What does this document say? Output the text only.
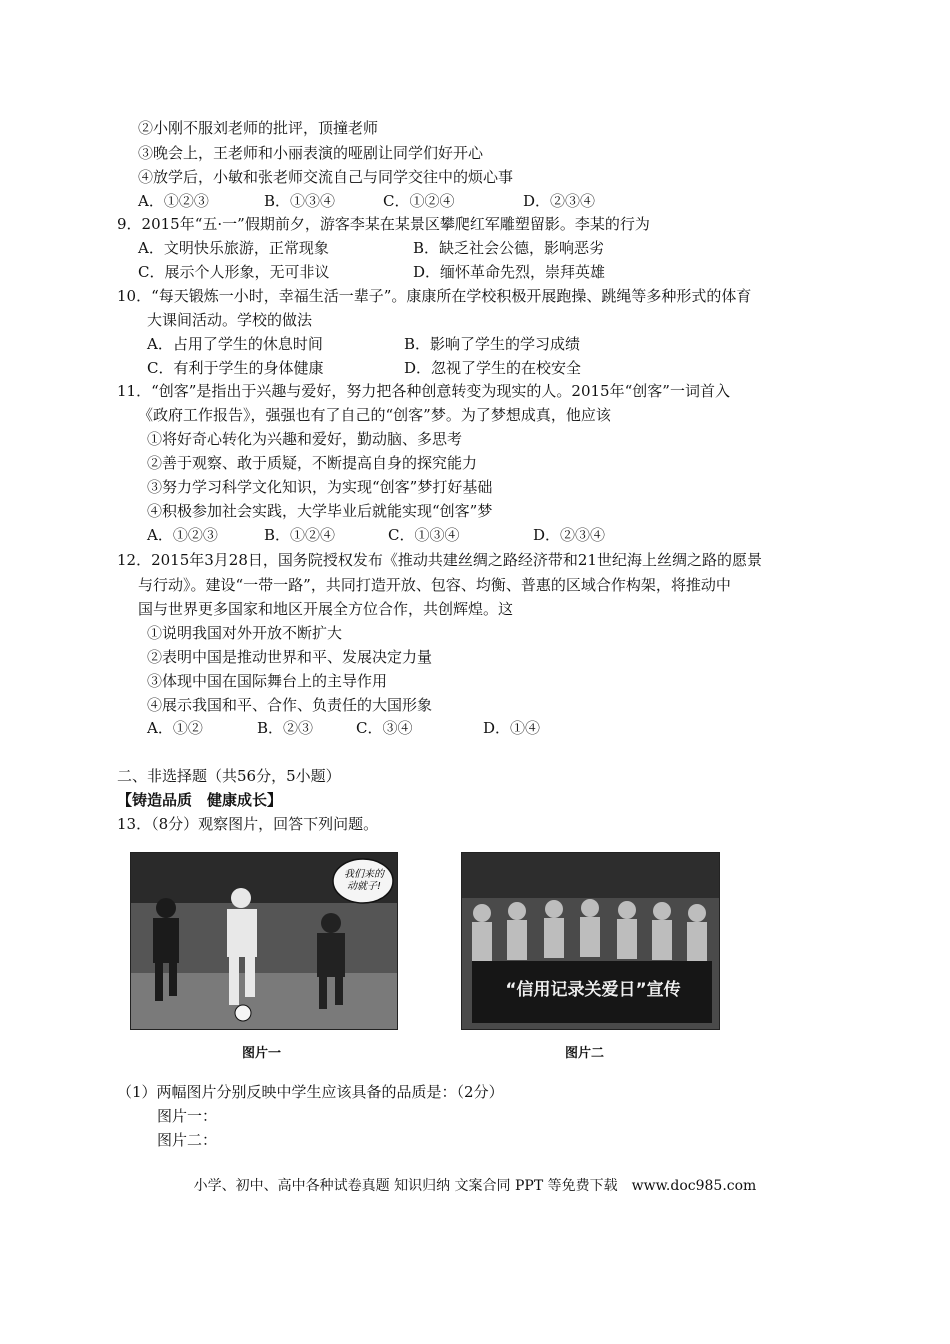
②小刚不服刘老师的批评，顶撞老师
③晚会上，王老师和小丽表演的哑剧让同学们好开心
④放学后，小敏和张老师交流自己与同学交往中的烦心事
A．①②③	B．①③④	C．①②④	D．②③④
9．2015年“五·一”假期前夕，游客李某在某景区攀爬红军雕塑留影。李某的行为
A．文明快乐旅游，正常现象	B．缺乏社会公德，影响恶劣
C．展示个人形象，无可非议	D．缅怀革命先烈，崇拜英雄
10．“每天锻炼一小时，幸福生活一辈子”。康康所在学校积极开展跑操、跳绳等多种形式的体育
大课间活动。学校的做法
A．占用了学生的休息时间	B．影响了学生的学习成绩
C．有利于学生的身体健康	D．忽视了学生的在校安全
11．“创客”是指出于兴趣与爱好，努力把各种创意转变为现实的人。2015年“创客”一词首入
《政府工作报告》，强强也有了自己的“创客”梦。为了梦想成真，他应该
①将好奇心转化为兴趣和爱好，勤动脑、多思考
②善于观察、敢于质疑，不断提高自身的探究能力
③努力学习科学文化知识，为实现“创客”梦打好基础
④积极参加社会实践，大学毕业后就能实现“创客”梦
A．①②③	B．①②④	C．①③④	D．②③④
12．2015年3月28日，国务院授权发布《推动共建丝绸之路经济带和21世纪海上丝绸之路的愿景
与行动》。建设“一带一路”，共同打造开放、包容、均衡、普惠的区域合作构架，将推动中
国与世界更多国家和地区开展全方位合作，共创辉煌。这
①说明我国对外开放不断扩大
②表明中国是推动世界和平、发展决定力量
③体现中国在国际舞台上的主导作用
④展示我国和平、合作、负责任的大国形象
A．①②	B．②③	C．③④	D．①④
二、非选择题（共56分，5小题）
【铸造品质　健康成长】
13．（8分）观察图片，回答下列问题。
我们来的 动就子!
图片一
“信用记录关爱日”宣传
图片二
（1）两幅图片分别反映中学生应该具备的品质是：（2分）
图片一：
图片二：
小学、初中、高中各种试卷真题 知识归纳 文案合同 PPT 等免费下载　www.doc985.com
